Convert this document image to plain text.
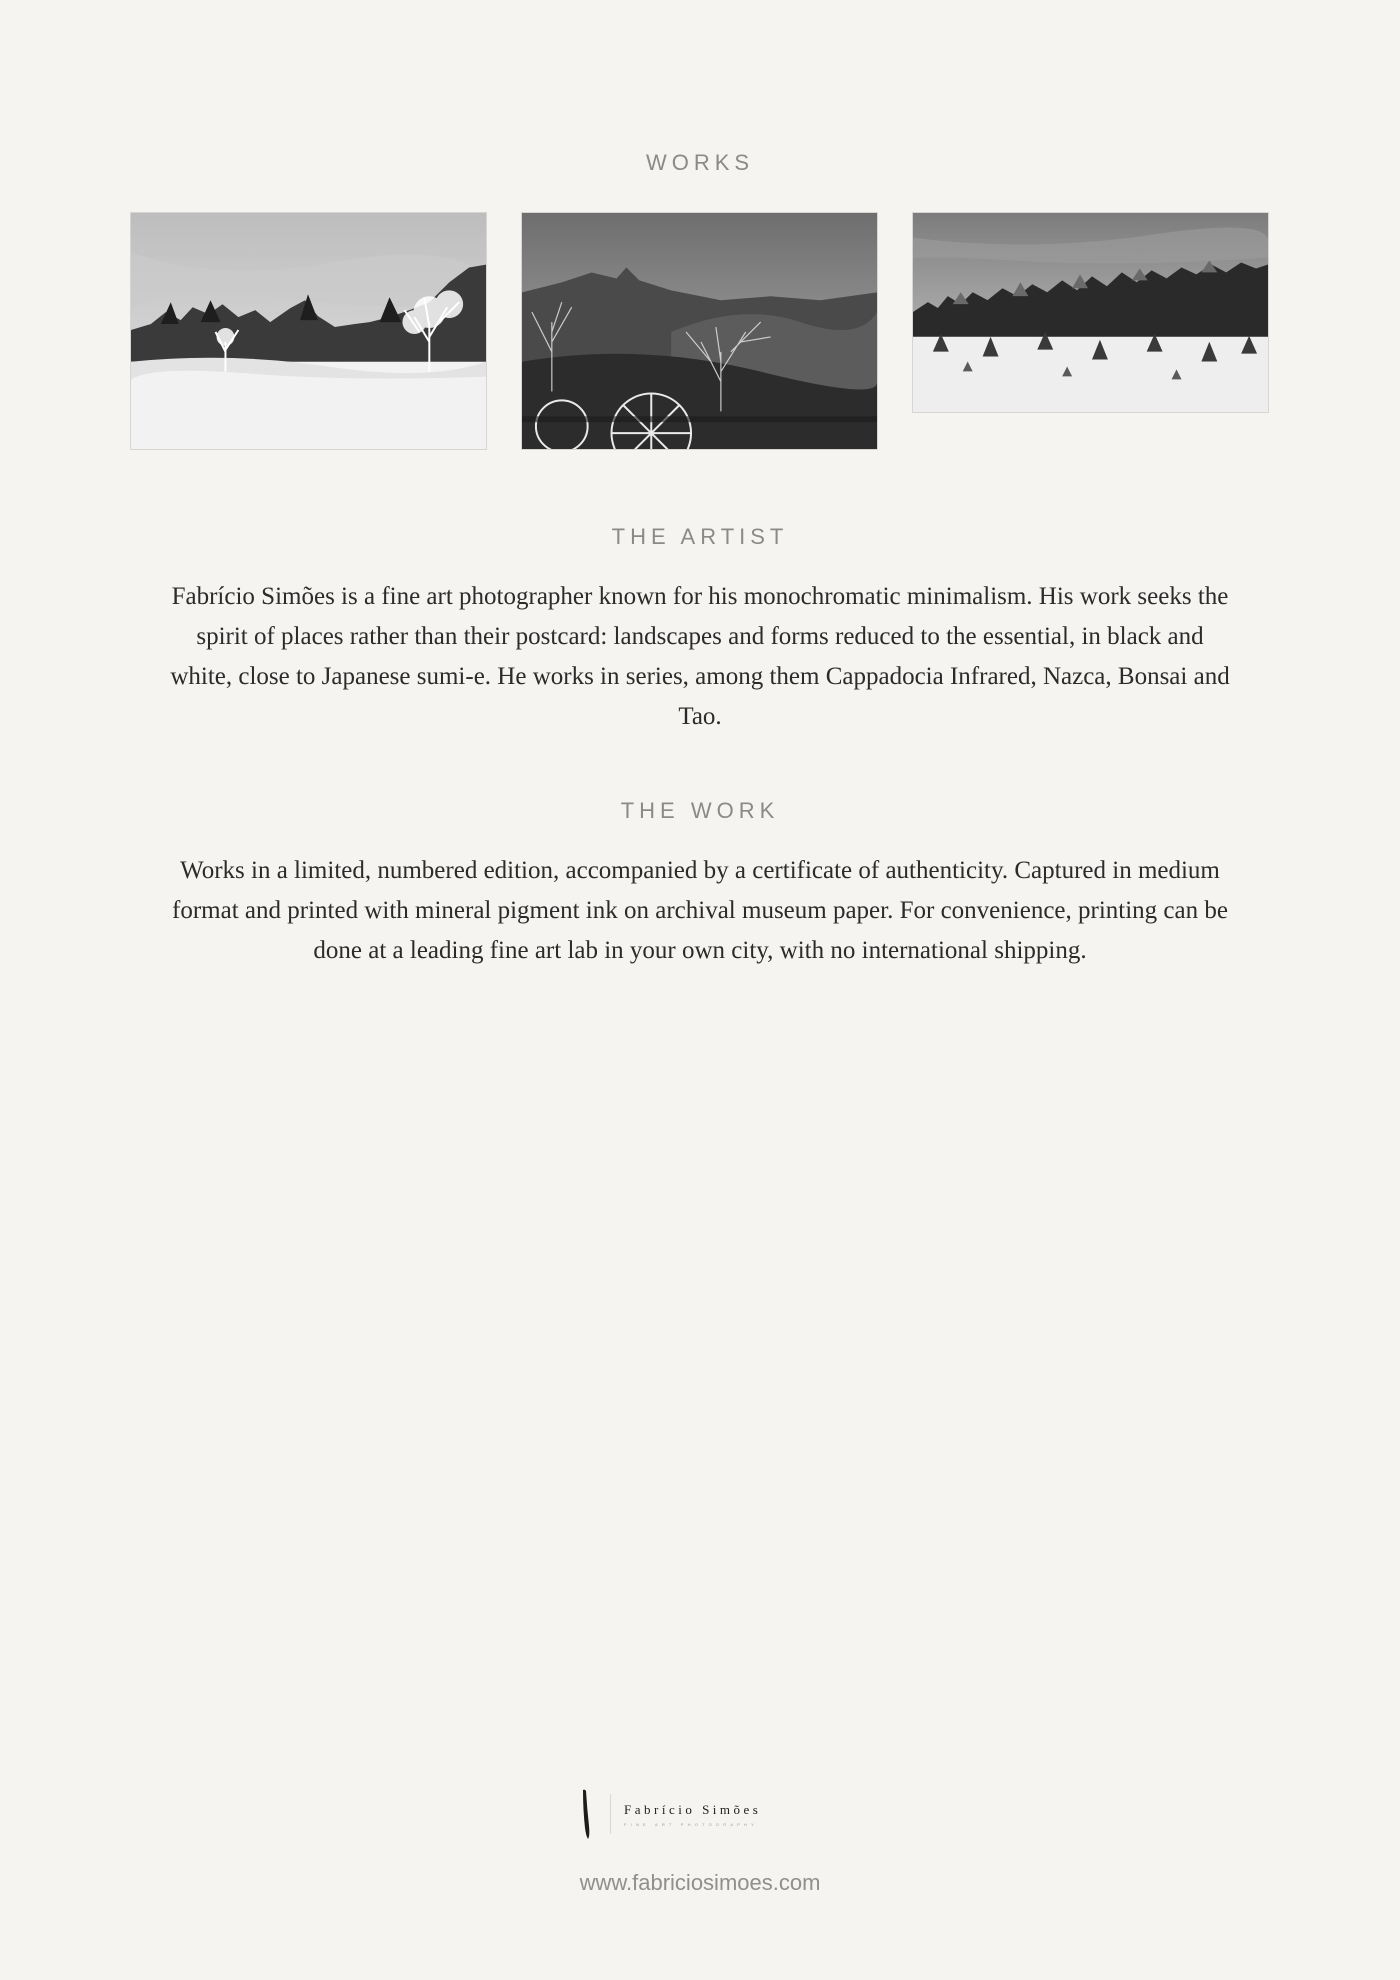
WORKS
THE ARTIST

Fabrício Simões is a fine art photographer known for his monochromatic minimalism. His work seeks the spirit of places rather than their postcard: landscapes and forms reduced to the essential, in black and white, close to Japanese sumi-e. He works in series, among them Cappadocia Infrared, Nazca, Bonsai and Tao.

THE WORK

Works in a limited, numbered edition, accompanied by a certificate of authenticity. Captured in medium format and printed with mineral pigment ink on archival museum paper. For convenience, printing can be done at a leading fine art lab in your own city, with no international shipping.

Fabrício Simões
FINE ART PHOTOGRAPHY
www.fabriciosimoes.com
